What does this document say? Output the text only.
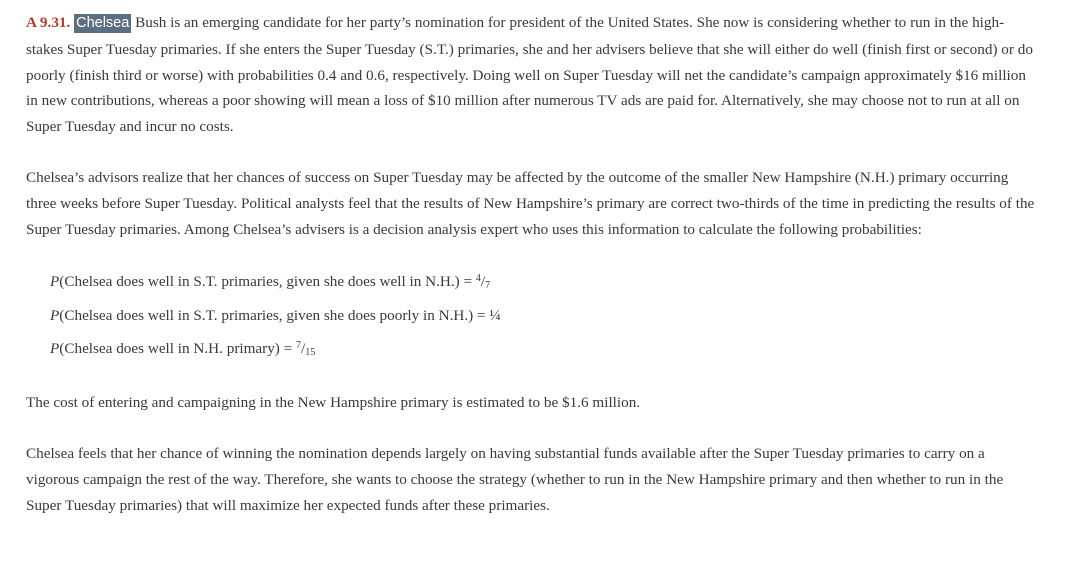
A 9.31. Chelsea Bush is an emerging candidate for her party’s nomination for president of the United States. She now is considering whether to run in the high-stakes Super Tuesday primaries. If she enters the Super Tuesday (S.T.) primaries, she and her advisers believe that she will either do well (finish first or second) or do poorly (finish third or worse) with probabilities 0.4 and 0.6, respectively. Doing well on Super Tuesday will net the candidate’s campaign approximately $16 million in new contributions, whereas a poor showing will mean a loss of $10 million after numerous TV ads are paid for. Alternatively, she may choose not to run at all on Super Tuesday and incur no costs.

Chelsea’s advisors realize that her chances of success on Super Tuesday may be affected by the outcome of the smaller New Hampshire (N.H.) primary occurring three weeks before Super Tuesday. Political analysts feel that the results of New Hampshire’s primary are correct two-thirds of the time in predicting the results of the Super Tuesday primaries. Among Chelsea’s advisers is a decision analysis expert who uses this information to calculate the following probabilities:

P(Chelsea does well in S.T. primaries, given she does well in $N.H.) = ^4/_7$
P(Chelsea does well in S.T. primaries, given she does poorly in N.H.) = ¼
P(Chelsea does well in N.H. primary) = $^7/_{15}$

The cost of entering and campaigning in the New Hampshire primary is estimated to be $1.6 million.

Chelsea feels that her chance of winning the nomination depends largely on having substantial funds available after the Super Tuesday primaries to carry on a vigorous campaign the rest of the way. Therefore, she wants to choose the strategy (whether to run in the New Hampshire primary and then whether to run in the Super Tuesday primaries) that will maximize her expected funds after these primaries.
